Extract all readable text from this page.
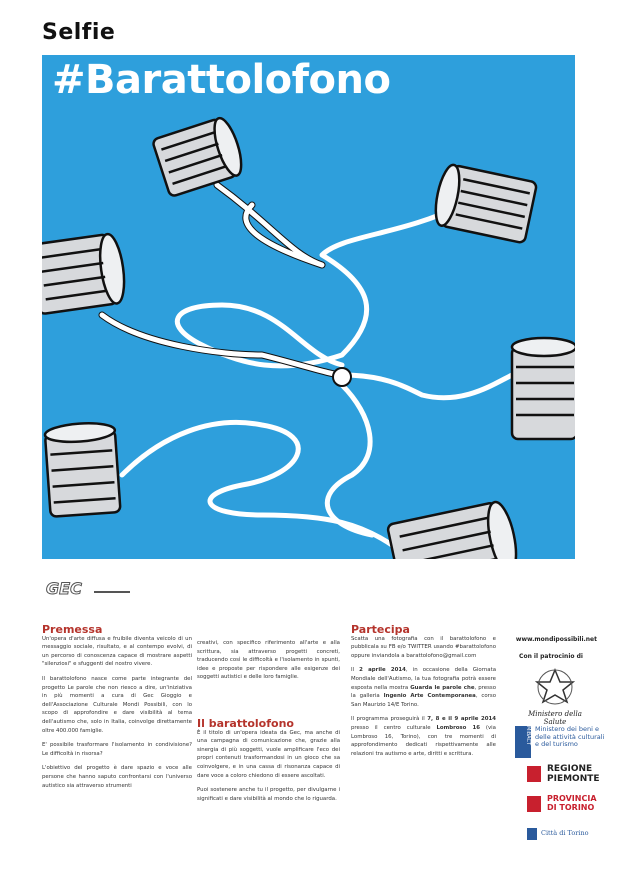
Selfie
#Barattolofono
GEC
Premessa

Un'opera d'arte diffusa e fruibile diventa veicolo di un messaggio sociale, risultato, e al contempo evolvi, di un percorso di conoscenza capace di mostrare aspetti "silenziosi" e sfuggenti del nostro vivere.

Il barattolofono nasce come parte integrante del progetto Le parole che non riesco a dire, un'iniziativa in più momenti a cura di Gec Gioggio e dell'Associazione Culturale Mondi Possibili, con lo scopo di approfondire e dare visibilità al tema dell'autismo che, solo in Italia, coinvolge direttamente oltre 400.000 famiglie.

E' possibile trasformare l'isolamento in condivisione? Le difficoltà in risorsa?

L'obiettivo del progetto è dare spazio e voce alle persone che hanno saputo confrontarsi con l'universo autistico sia attraverso strumenti

creativi, con specifico riferimento all'arte e alla scrittura, sia attraverso progetti concreti, traducendo così le difficoltà e l'isolamento in spunti, idee e proposte per rispondere alle esigenze dei soggetti autistici e delle loro famiglie.

Il barattolofono

È il titolo di un'opera ideata da Gec, ma anche di una campagna di comunicazione che, grazie alla sinergia di più soggetti, vuole amplificare l'eco dei propri contenuti trasformandosi in un gioco che sa coinvolgere, e in una cassa di risonanza capace di dare voce a coloro chiedono di essere ascoltati.

Puoi sostenere anche tu il progetto, per divulgarne i significati e dare visibilità al mondo che lo riguarda.

Partecipa

Scatta una fotografia con il barattolofono e pubblicala su FB e/o TWITTER usando #barattolofono oppure inviandola a barattolofono@gmail.com

Il 2 aprile 2014, in occasione della Giornata Mondiale dell'Autismo, la tua fotografia potrà essere esposta nella mostra Guarda le parole che, presso la galleria Ingenio Arte Contemporanea, corso San Maurizio 14/E Torino.

Il programma proseguirà il 7, 8 e il 9 aprile 2014 presso il centro culturale Lombroso 16 (via Lombroso 16, Torino), con tre momenti di approfondimento dedicati rispettivamente alle relazioni tra autismo e arte, diritti e scrittura.

www.mondipossibili.net
Con il patrocinio di
Ministero della Salute
MiBACT Ministero dei beni e delle attività culturali e del turismo
REGIONE PIEMONTE
PROVINCIA DI TORINO
Città di Torino
